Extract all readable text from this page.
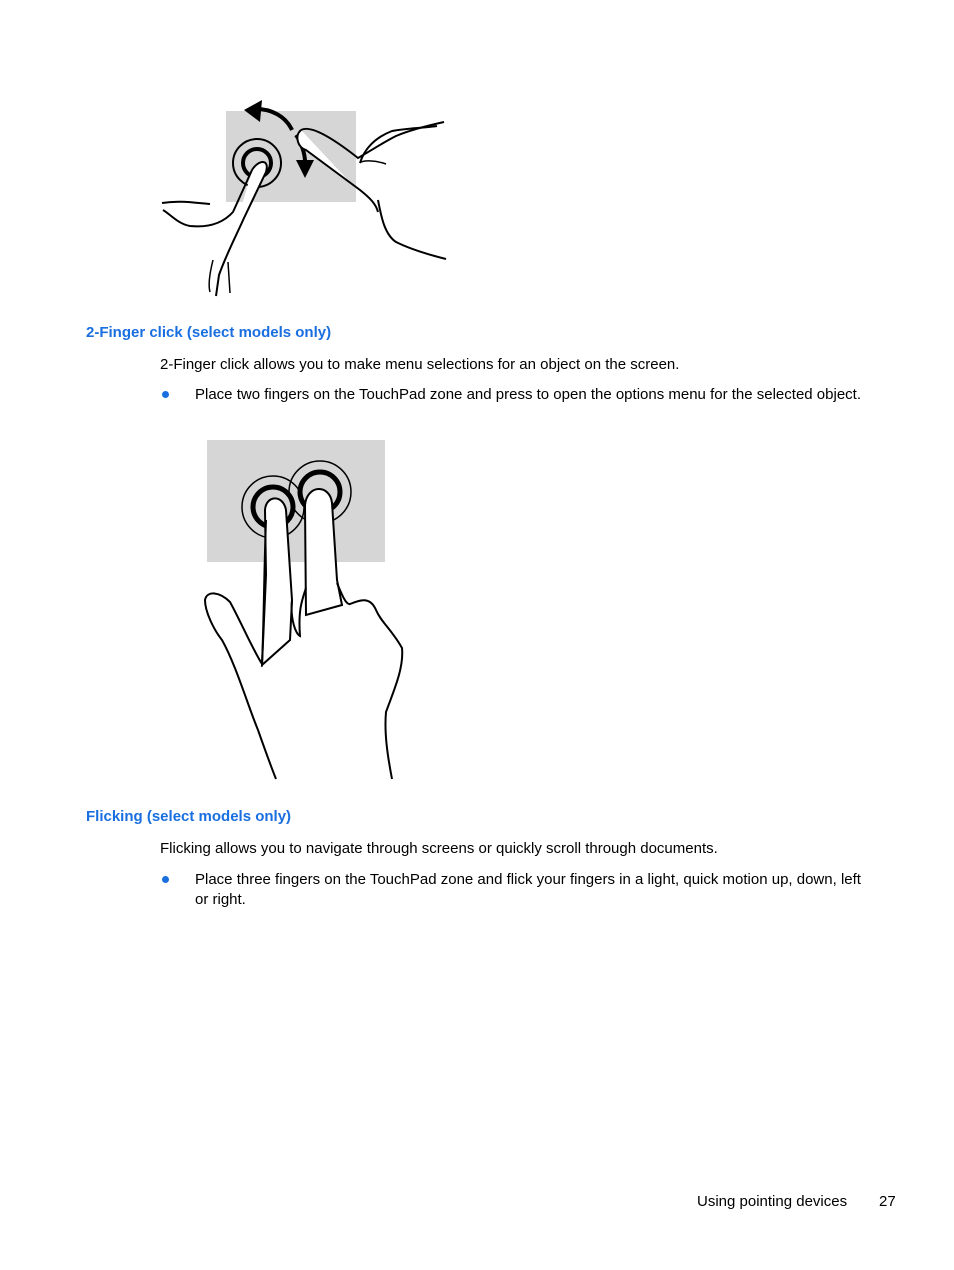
2-Finger click (select models only)

2-Finger click allows you to make menu selections for an object on the screen.

Place two fingers on the TouchPad zone and press to open the options menu for the selected object.

Flicking (select models only)

Flicking allows you to navigate through screens or quickly scroll through documents.

Place three fingers on the TouchPad zone and flick your fingers in a light, quick motion up, down, left or right.

Using pointing devices 27
